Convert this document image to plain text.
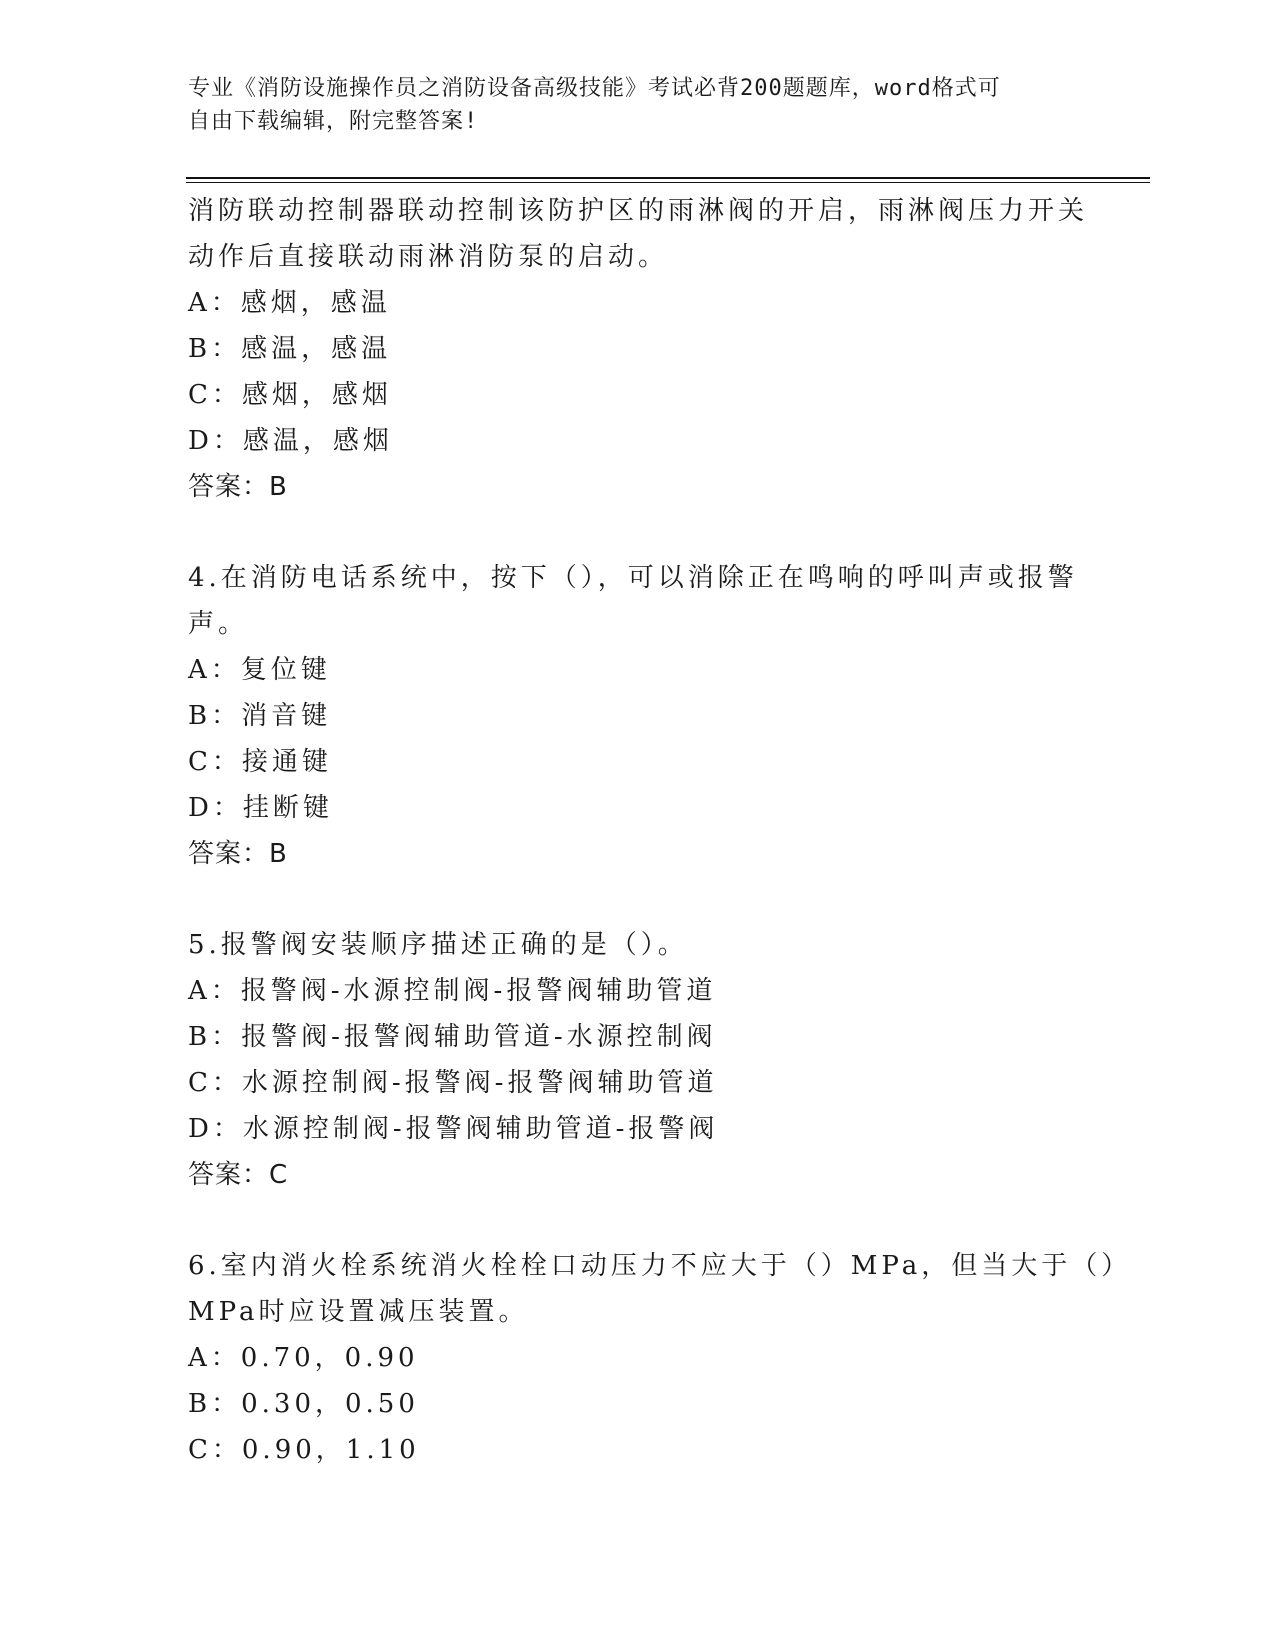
专业《消防设施操作员之消防设备高级技能》考试必背200题题库，word格式可
自由下载编辑，附完整答案!
消防联动控制器联动控制该防护区的雨淋阀的开启，雨淋阀压力开关
动作后直接联动雨淋消防泵的启动。
A：感烟，感温
B：感温，感温
C：感烟，感烟
D：感温，感烟
答案：B
4.在消防电话系统中，按下（），可以消除正在鸣响的呼叫声或报警
声。
A：复位键
B：消音键
C：接通键
D：挂断键
答案：B
5.报警阀安装顺序描述正确的是（）。
A：报警阀-水源控制阀-报警阀辅助管道
B：报警阀-报警阀辅助管道-水源控制阀
C：水源控制阀-报警阀-报警阀辅助管道
D：水源控制阀-报警阀辅助管道-报警阀
答案：C
6.室内消火栓系统消火栓栓口动压力不应大于（）MPa，但当大于（）
MPa时应设置减压装置。
A：0.70，0.90
B：0.30，0.50
C：0.90，1.10
